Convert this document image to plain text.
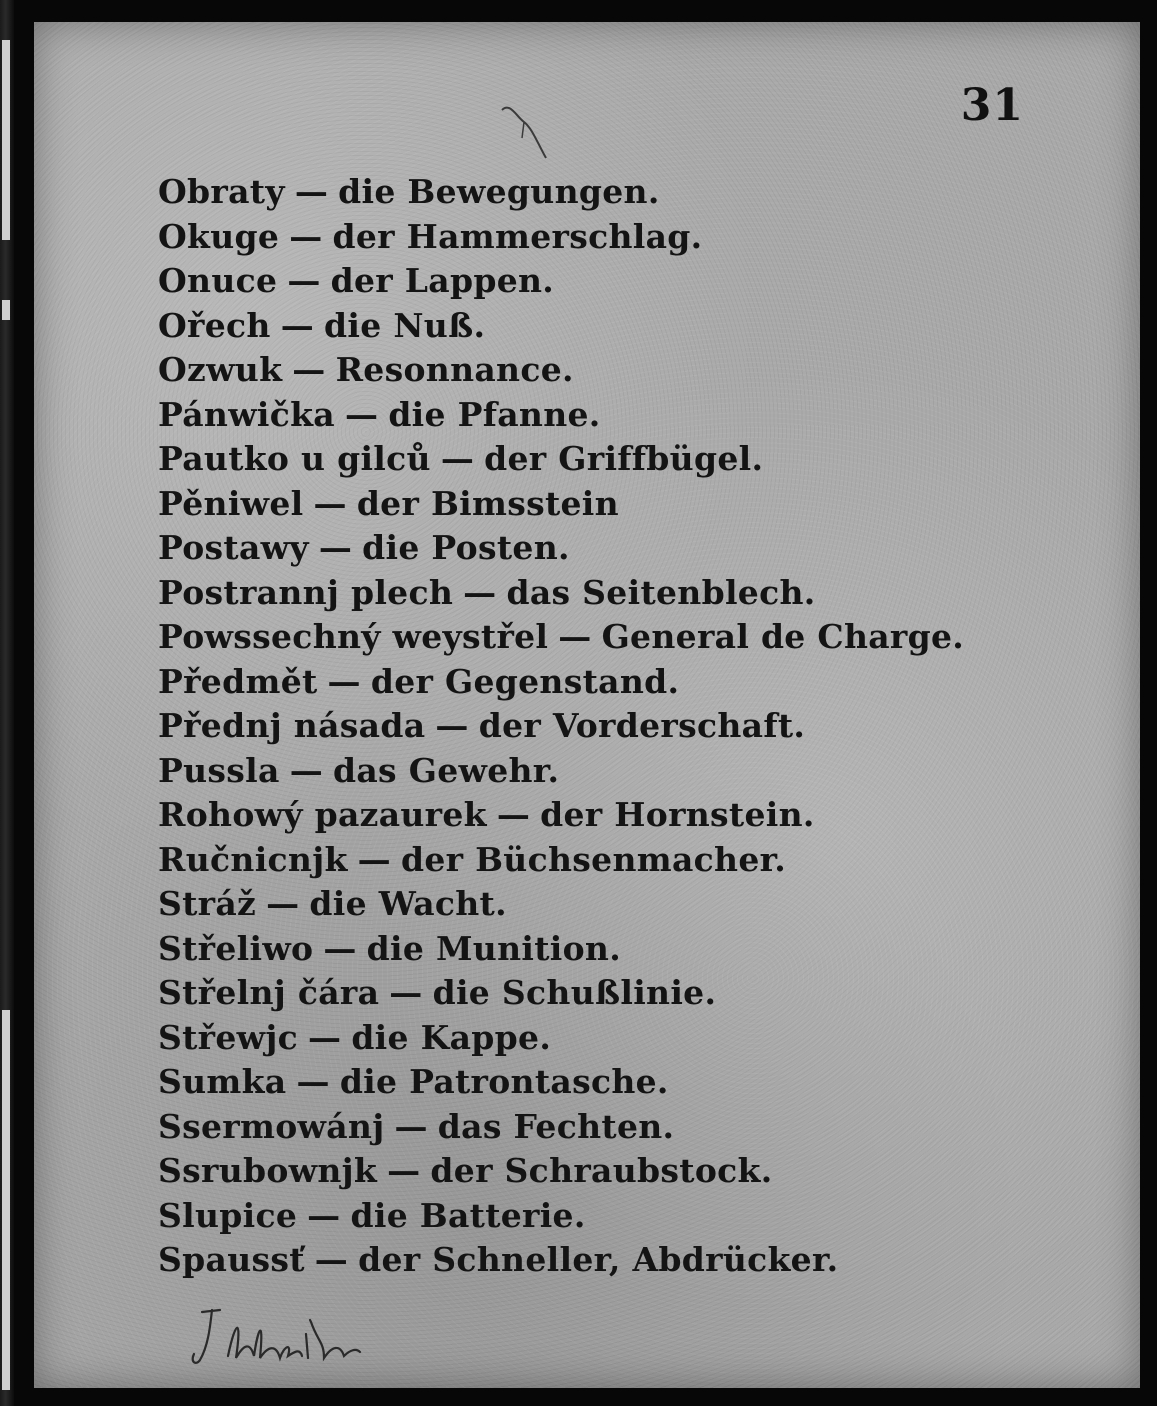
31
Obraty — die Bewegungen.
Okuge — der Hammerschlag.
Onuce — der Lappen.
Ořech — die Nuß.
Ozwuk — Resonnance.
Pánwička — die Pfanne.
Pautko u gilců — der Griffbügel.
Pěniwel — der Bimsstein
Postawy — die Posten.
Postrannj plech — das Seitenblech.
Powssechný weystřel — General de Charge.
Předmět — der Gegenstand.
Přednj násada — der Vorderschaft.
Pussla — das Gewehr.
Rohowý pazaurek — der Hornstein.
Ručnicnjk — der Büchsenmacher.
Stráž — die Wacht.
Střeliwo — die Munition.
Střelnj čára — die Schußlinie.
Střewjc — die Kappe.
Sumka — die Patrontasche.
Ssermowánj — das Fechten.
Ssrubownjk — der Schraubstock.
Slupice — die Batterie.
Spaussť — der Schneller, Abdrücker.
